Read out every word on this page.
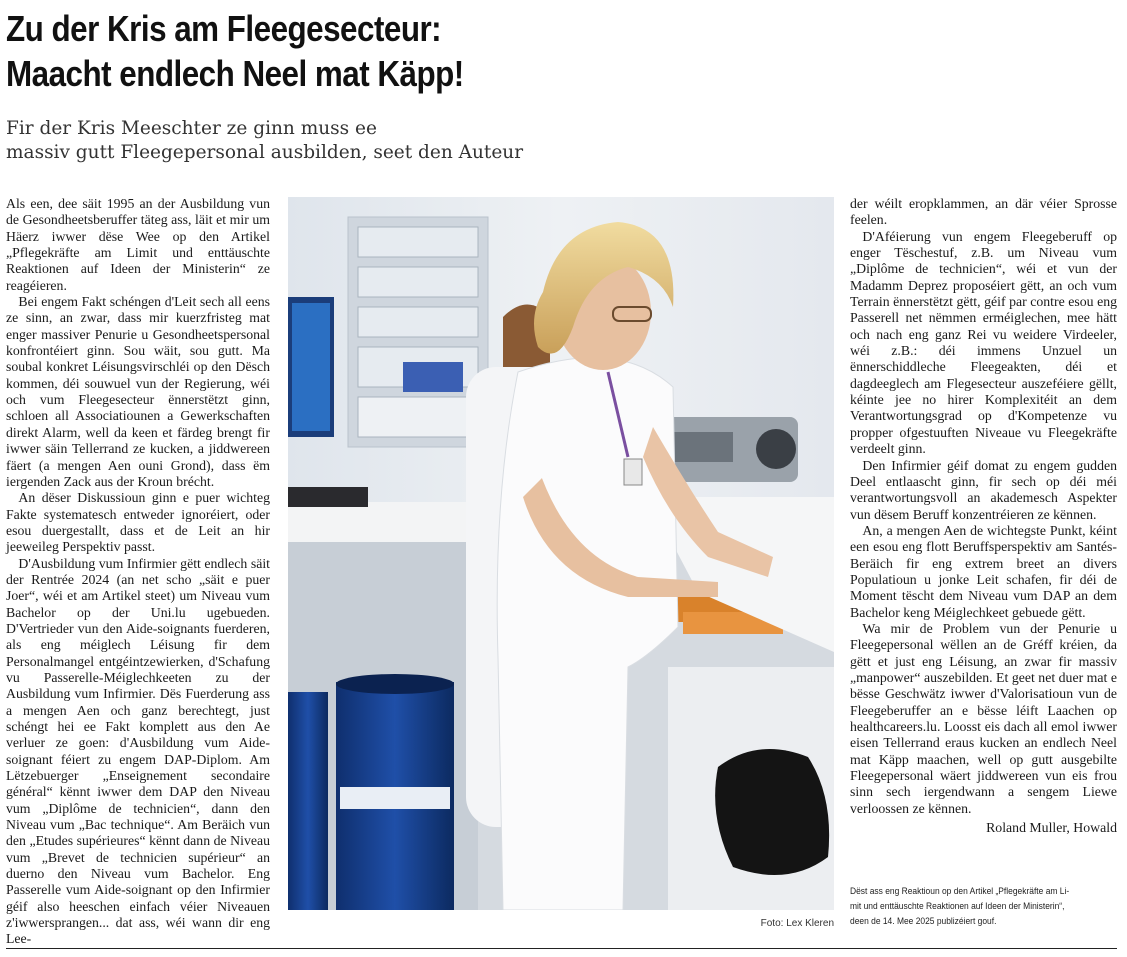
Zu der Kris am Fleegesecteur:
Maacht endlech Neel mat Käpp!
Fir der Kris Meeschter ze ginn muss ee
massiv gutt Fleegepersonal ausbilden, seet den Auteur

Als een, dee säit 1995 an der Ausbildung vun de Gesondheetsberuffer täteg ass, läit et mir um Häerz iwwer dëse Wee op den Artikel „Pflegekräfte am Limit und enttäuschte Reaktionen auf Ideen der Ministerin“ ze reagéieren.

Bei engem Fakt schéngen d'Leit sech all eens ze sinn, an zwar, dass mir kuerzfristeg mat enger massiver Penurie u Gesondheetspersonal konfrontéiert ginn. Sou wäit, sou gutt. Ma soubal konkret Léisungsvirschléi op den Dësch kommen, déi souwuel vun der Regierung, wéi och vum Fleegesecteur ënnerstëtzt ginn, schloen all Associatiounen a Gewerkschaften direkt Alarm, well da keen et färdeg brengt fir iwwer säin Tellerrand ze kucken, a jiddwereen fäert (a mengen Aen ouni Grond), dass ëm iergenden Zack aus der Kroun brécht.

An dëser Diskussioun ginn e puer wichteg Fakte systematesch entweder ignoréiert, oder esou duergestallt, dass et de Leit an hir jeeweileg Perspektiv passt.

D'Ausbildung vum Infirmier gëtt endlech säit der Rentrée 2024 (an net scho „säit e puer Joer“, wéi et am Artikel steet) um Niveau vum Bachelor op der Uni.lu ugebueden. D'Vertrieder vun den Aide-soignants fuerderen, als eng méiglech Léisung fir dem Personalmangel entgéintzewierken, d'Schafung vu Passerelle-Méiglechkeeten zu der Ausbildung vum Infirmier. Dës Fuerderung ass a mengen Aen och ganz berechtegt, just schéngt hei ee Fakt komplett aus den Ae verluer ze goen: d'Ausbildung vum Aide-soignant féiert zu engem DAP-Diplom. Am Lëtzebuerger „Enseignement secondaire général“ kënnt iwwer dem DAP den Niveau vum „Diplôme de technicien“, dann den Niveau vum „Bac technique“. Am Beräich vun den „Etudes supérieures“ kënnt dann de Niveau vum „Brevet de technicien supérieur“ an duerno den Niveau vum Bachelor. Eng Passerelle vum Aide-soignant op den Infirmier géif also heeschen einfach véier Niveauen z'iwwersprangen... dat ass, wéi wann dir eng Lee-

Foto: Lex Kleren

der wéilt eropklammen, an där véier Sprosse feelen.

D'Aféierung vun engem Fleegeberuff op enger Tëschestuf, z.B. um Niveau vum „Diplôme de technicien“, wéi et vun der Madamm Deprez proposéiert gëtt, an och vum Terrain ënnerstëtzt gëtt, géif par contre esou eng Passerell net nëmmen erméiglechen, mee hätt och nach eng ganz Rei vu weidere Virdeeler, wéi z.B.: déi immens Unzuel un ënnerschiddleche Fleegeakten, déi et dagdeeglech am Flegesecteur auszeféiere gëllt, kéinte jee no hirer Komplexitéit an dem Verantwortungsgrad op d'Kompetenze vu propper ofgestuuften Niveaue vu Fleegekräfte verdeelt ginn.

Den Infirmier géif domat zu engem gudden Deel entlaascht ginn, fir sech op déi méi verantwortungsvoll an akademesch Aspekter vun dësem Beruff konzentréieren ze kënnen.

An, a mengen Aen de wichtegste Punkt, kéint een esou eng flott Beruffsperspektiv am Santés-Beräich fir eng extrem breet an divers Populatioun u jonke Leit schafen, fir déi de Moment tëscht dem Niveau vum DAP an dem Bachelor keng Méiglechkeet gebuede gëtt.

Wa mir de Problem vun der Penurie u Fleegepersonal wëllen an de Gréff kréien, da gëtt et just eng Léisung, an zwar fir massiv „manpower“ auszebilden. Et geet net duer mat e bësse Geschwätz iwwer d'Valorisatioun vun de Fleegeberuffer an e bësse léift Laachen op healthcareers.lu. Loosst eis dach all emol iwwer eisen Tellerrand eraus kucken an endlech Neel mat Käpp maachen, well op gutt ausgebilte Fleegepersonal wäert jiddwereen vun eis frou sinn sech iergendwann a sengem Liewe verloossen ze kënnen.

Roland Muller, Howald

Dëst ass eng Reaktioun op den Artikel „Pflegekräfte am Li-
mit und enttäuschte Reaktionen auf Ideen der Ministerin“,
deen de 14. Mee 2025 publizéiert gouf.
